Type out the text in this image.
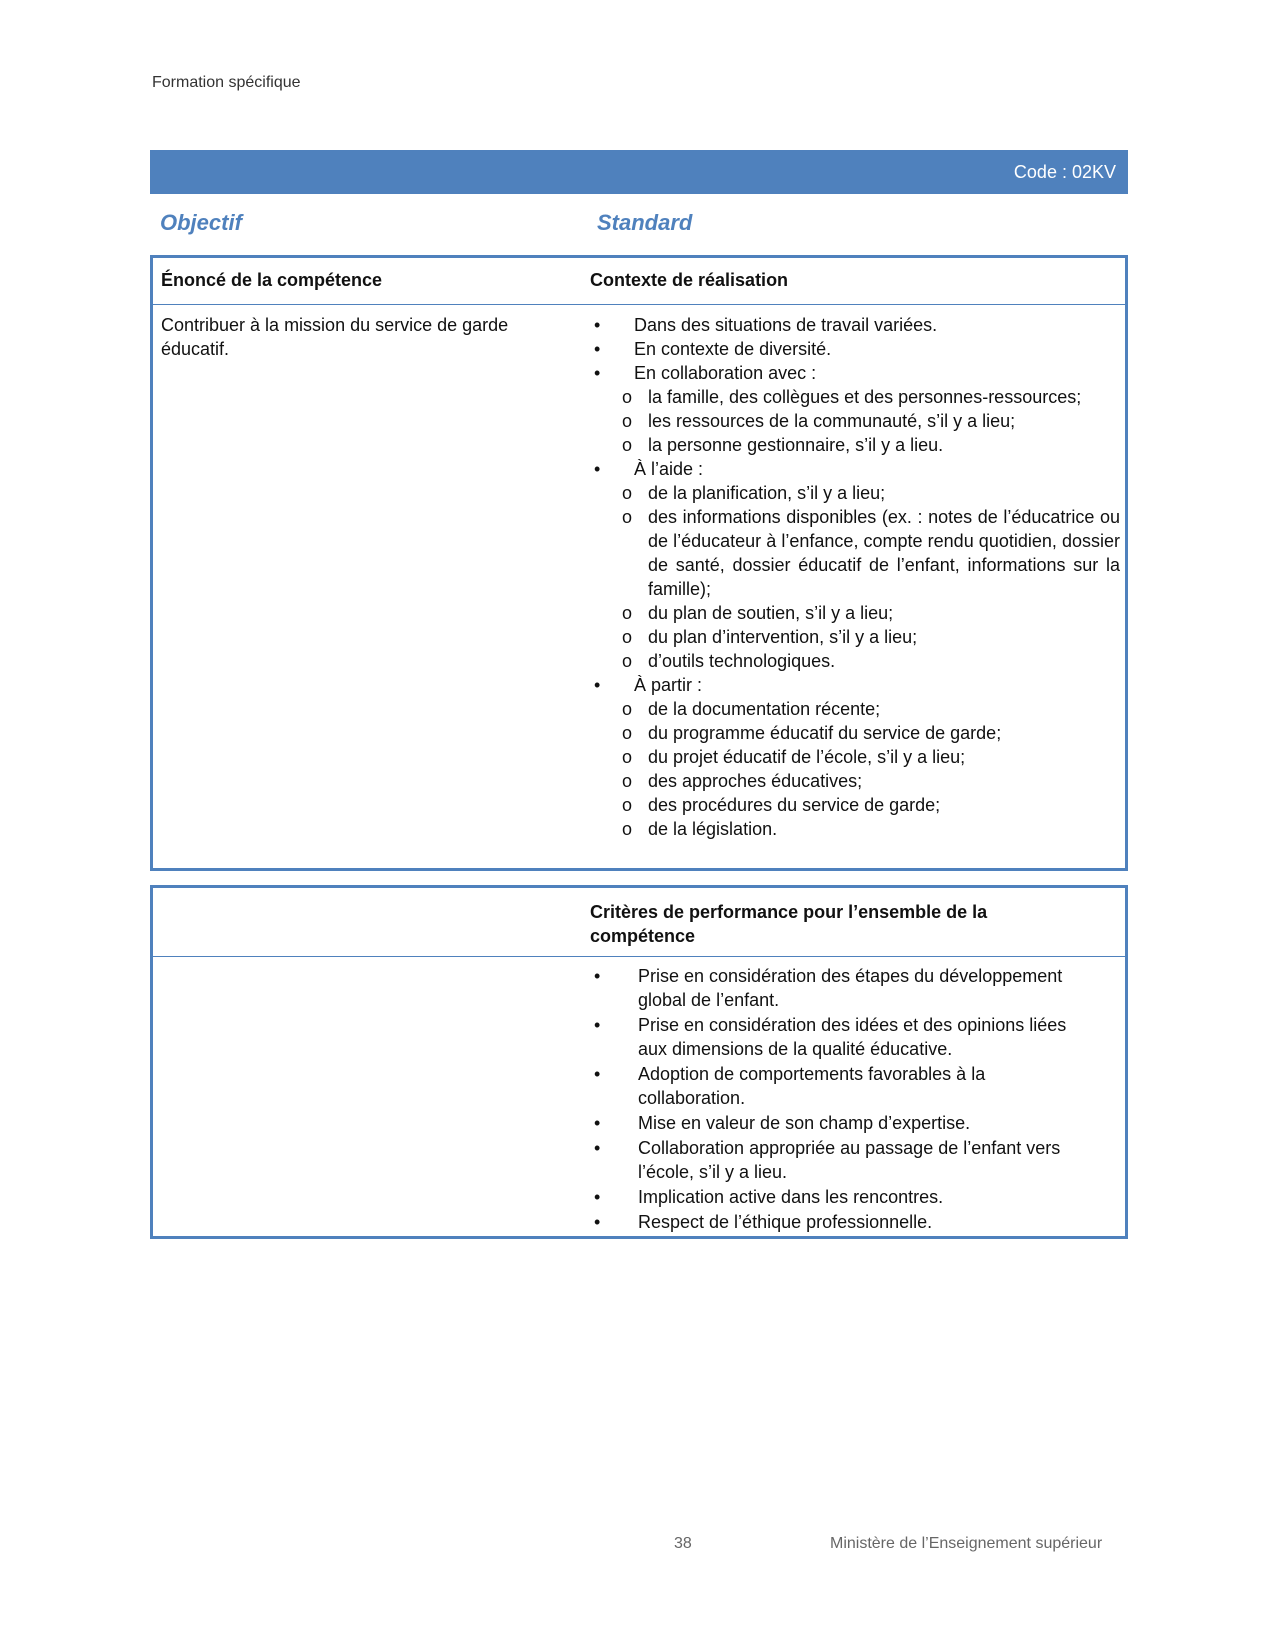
Formation spécifique
Code : 02KV
Objectif	Standard
Énoncé de la compétence	Contexte de réalisation
Contribuer à la mission du service de garde éducatif.
• Dans des situations de travail variées.
• En contexte de diversité.
• En collaboration avec :
o la famille, des collègues et des personnes-ressources;
o les ressources de la communauté, s’il y a lieu;
o la personne gestionnaire, s’il y a lieu.
• À l’aide :
o de la planification, s’il y a lieu;
o des informations disponibles (ex. : notes de l’éducatrice ou de l’éducateur à l’enfance, compte rendu quotidien, dossier de santé, dossier éducatif de l’enfant, informations sur la famille);
o du plan de soutien, s’il y a lieu;
o du plan d’intervention, s’il y a lieu;
o d’outils technologiques.
• À partir :
o de la documentation récente;
o du programme éducatif du service de garde;
o du projet éducatif de l’école, s’il y a lieu;
o des approches éducatives;
o des procédures du service de garde;
o de la législation.
Critères de performance pour l’ensemble de la compétence
• Prise en considération des étapes du développement global de l’enfant.
• Prise en considération des idées et des opinions liées aux dimensions de la qualité éducative.
• Adoption de comportements favorables à la collaboration.
• Mise en valeur de son champ d’expertise.
• Collaboration appropriée au passage de l’enfant vers l’école, s’il y a lieu.
• Implication active dans les rencontres.
• Respect de l’éthique professionnelle.
38	Ministère de l’Enseignement supérieur
